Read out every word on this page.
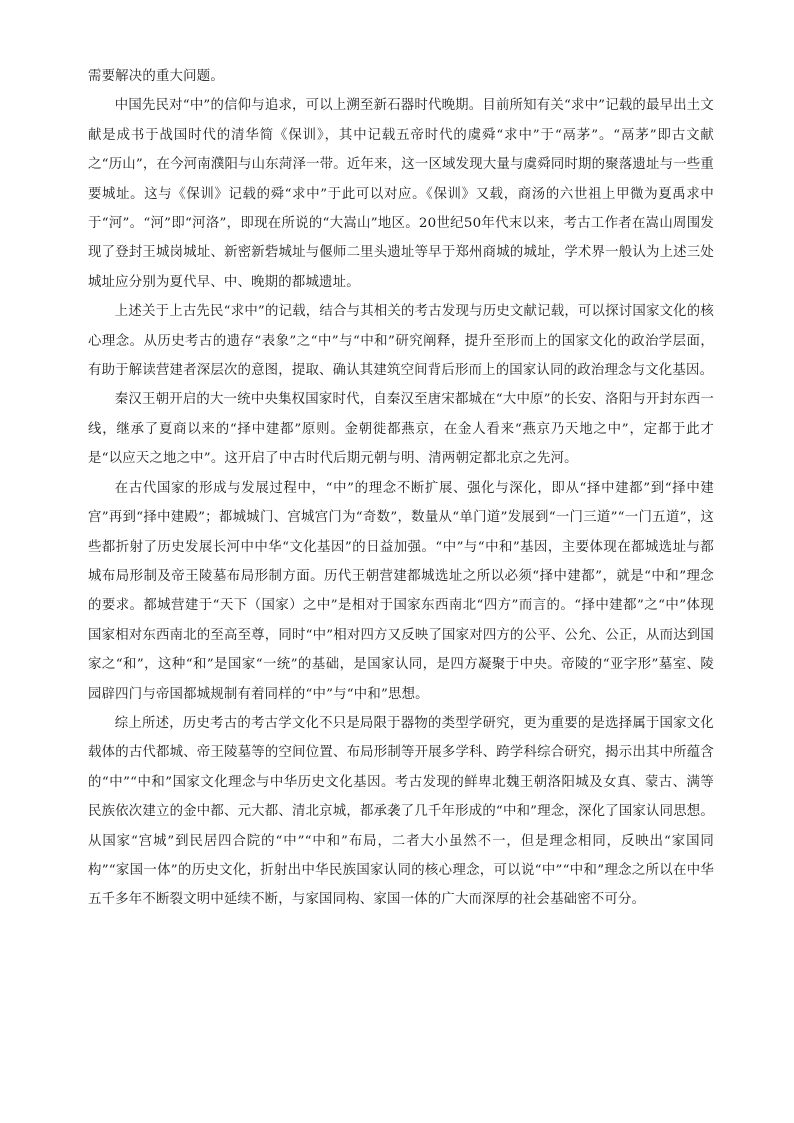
需要解决的重大问题。

中国先民对“中”的信仰与追求，可以上溯至新石器时代晚期。目前所知有关“求中”记载的最早出土文献是成书于战国时代的清华简《保训》，其中记载五帝时代的虞舜“求中”于“鬲茅”。“鬲茅”即古文献之“历山”，在今河南濮阳与山东菏泽一带。近年来，这一区域发现大量与虞舜同时期的聚落遗址与一些重要城址。这与《保训》记载的舜“求中”于此可以对应。《保训》又载，商汤的六世祖上甲微为夏禹求中于“河”。“河”即“河洛”，即现在所说的“大嵩山”地区。20世纪50年代末以来，考古工作者在嵩山周围发现了登封王城岗城址、新密新砦城址与偃师二里头遗址等早于郑州商城的城址，学术界一般认为上述三处城址应分别为夏代早、中、晚期的都城遗址。

上述关于上古先民“求中”的记载，结合与其相关的考古发现与历史文献记载，可以探讨国家文化的核心理念。从历史考古的遗存“表象”之“中”与“中和”研究阐释，提升至形而上的国家文化的政治学层面，有助于解读营建者深层次的意图，提取、确认其建筑空间背后形而上的国家认同的政治理念与文化基因。

秦汉王朝开启的大一统中央集权国家时代，自秦汉至唐宋都城在“大中原”的长安、洛阳与开封东西一线，继承了夏商以来的“择中建都”原则。金朝徙都燕京，在金人看来“燕京乃天地之中”，定都于此才是“以应天之地之中”。这开启了中古时代后期元朝与明、清两朝定都北京之先河。

在古代国家的形成与发展过程中，“中”的理念不断扩展、强化与深化，即从“择中建都”到“择中建宫”再到“择中建殿”；都城城门、宫城宫门为“奇数”，数量从“单门道”发展到“一门三道”“一门五道”，这些都折射了历史发展长河中中华“文化基因”的日益加强。“中”与“中和”基因，主要体现在都城选址与都城布局形制及帝王陵墓布局形制方面。历代王朝营建都城选址之所以必须“择中建都”，就是“中和”理念的要求。都城营建于“天下（国家）之中”是相对于国家东西南北“四方”而言的。“择中建都”之“中”体现国家相对东西南北的至高至尊，同时“中”相对四方又反映了国家对四方的公平、公允、公正，从而达到国家之“和”，这种“和”是国家“一统”的基础，是国家认同，是四方凝聚于中央。帝陵的“亚字形”墓室、陵园辟四门与帝国都城规制有着同样的“中”与“中和”思想。

综上所述，历史考古的考古学文化不只是局限于器物的类型学研究，更为重要的是选择属于国家文化载体的古代都城、帝王陵墓等的空间位置、布局形制等开展多学科、跨学科综合研究，揭示出其中所蕴含的“中”“中和”国家文化理念与中华历史文化基因。考古发现的鲜卑北魏王朝洛阳城及女真、蒙古、满等民族依次建立的金中都、元大都、清北京城，都承袭了几千年形成的“中和”理念，深化了国家认同思想。从国家“宫城”到民居四合院的“中”“中和”布局，二者大小虽然不一，但是理念相同，反映出“家国同构”“家国一体”的历史文化，折射出中华民族国家认同的核心理念，可以说“中”“中和”理念之所以在中华五千多年不断裂文明中延续不断，与家国同构、家国一体的广大而深厚的社会基础密不可分。
